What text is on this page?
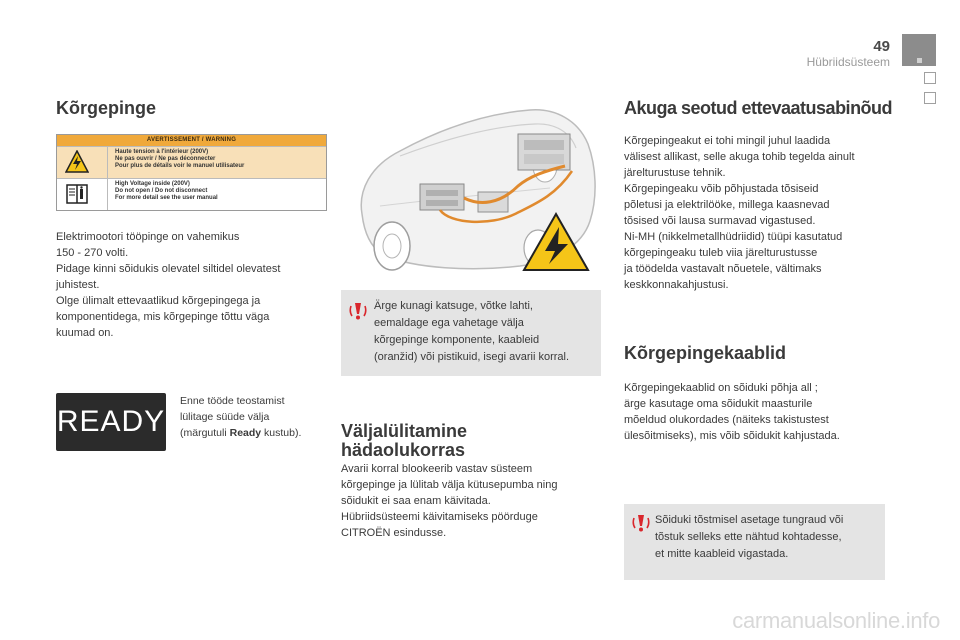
49
Hübriidsüsteem
Kõrgepinge
AVERTISSEMENT / WARNING
Haute tension à l'intérieur (200V)
Ne pas ouvrir / Ne pas déconnecter
Pour plus de détails voir le manuel utilisateur
High Voltage inside (200V)
Do not open / Do not disconnect
For more detail see the user manual

Elektrimootori tööpinge on vahemikus

150 - 270 volti.

Pidage kinni sõidukis olevatel siltidel olevatest

juhistest.

Olge ülimalt ettevaatlikud kõrgepingega ja

komponentidega, mis kõrgepinge tõttu väga

kuumad on.

READY

Enne tööde teostamist

lülitage süüde välja

(märgutuli Ready kustub).

Ärge kunagi katsuge, võtke lahti,
eemaldage ega vahetage välja
kõrgepinge komponente, kaableid
(oranžid) või pistikuid, isegi avarii korral.
Väljalülitamine
hädaolukorras

Avarii korral blookeerib vastav süsteem

kõrgepinge ja lülitab välja kütusepumba ning

sõidukit ei saa enam käivitada.

Hübriidsüsteemi käivitamiseks pöörduge

CITROËN esindusse.

Akuga seotud ettevaatusabinõud

Kõrgepingeakut ei tohi mingil juhul laadida

välisest allikast, selle akuga tohib tegelda ainult

järelturustuse tehnik.

Kõrgepingeaku võib põhjustada tõsiseid

põletusi ja elektrilööke, millega kaasnevad

tõsised või lausa surmavad vigastused.

Ni-MH (nikkelmetallhüdriidid) tüüpi kasutatud

kõrgepingeaku tuleb viia järelturustusse

ja töödelda vastavalt nõuetele, vältimaks

keskkonnakahjustusi.

Kõrgepingekaablid

Kõrgepingekaablid on sõiduki põhja all ;

ärge kasutage oma sõidukit maasturile

mõeldud olukordades (näiteks takistustest

ülesõitmiseks), mis võib sõidukit kahjustada.

Sõiduki tõstmisel asetage tungraud või
tõstuk selleks ette nähtud kohtadesse,
et mitte kaableid vigastada.
carmanualsonline.info
